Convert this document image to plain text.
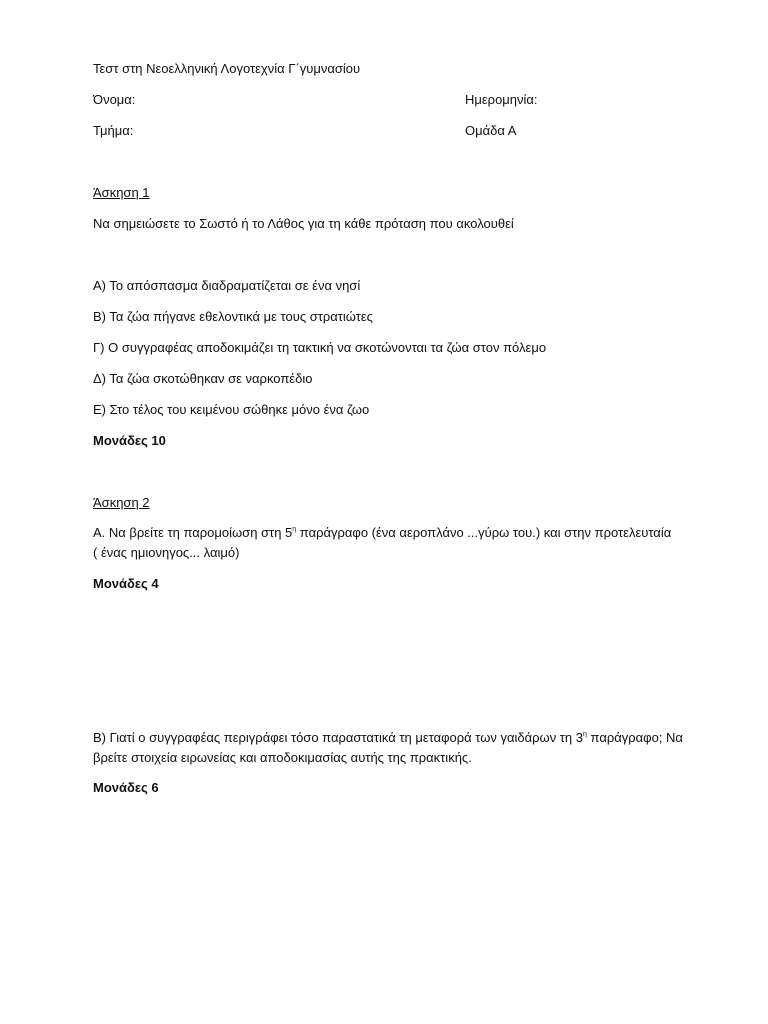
Τεστ στη Νεοελληνική Λογοτεχνία Γ΄γυμνασίου
Όνομα:	Ημερομηνία:
Τμήμα:	Ομάδα Α
Άσκηση 1
Να σημειώσετε το Σωστό ή το Λάθος για τη κάθε πρόταση που ακολουθεί
Α) Το απόσπασμα διαδραματίζεται σε ένα νησί
Β) Τα ζώα πήγανε εθελοντικά με τους στρατιώτες
Γ) Ο συγγραφέας αποδοκιμάζει τη τακτική να σκοτώνονται τα ζώα στον πόλεμο
Δ) Τα ζώα σκοτώθηκαν σε ναρκοπέδιο
Ε) Στο τέλος του κειμένου σώθηκε μόνο ένα ζωο
Μονάδες 10
Άσκηση 2
Α. Να βρείτε τη παρομοίωση στη $5^\eta$ παράγραφο (ένα αεροπλάνο ...γύρω του.) και στην προτελευταία
( ένας ημιονηγος... λαιμό)
Μονάδες 4
Β) Γιατί ο συγγραφέας περιγράφει τόσο παραστατικά τη μεταφορά των γαιδάρων τη $3^\eta$ παράγραφο; Να
βρείτε στοιχεία ειρωνείας και αποδοκιμασίας αυτής της πρακτικής.
Μονάδες 6
